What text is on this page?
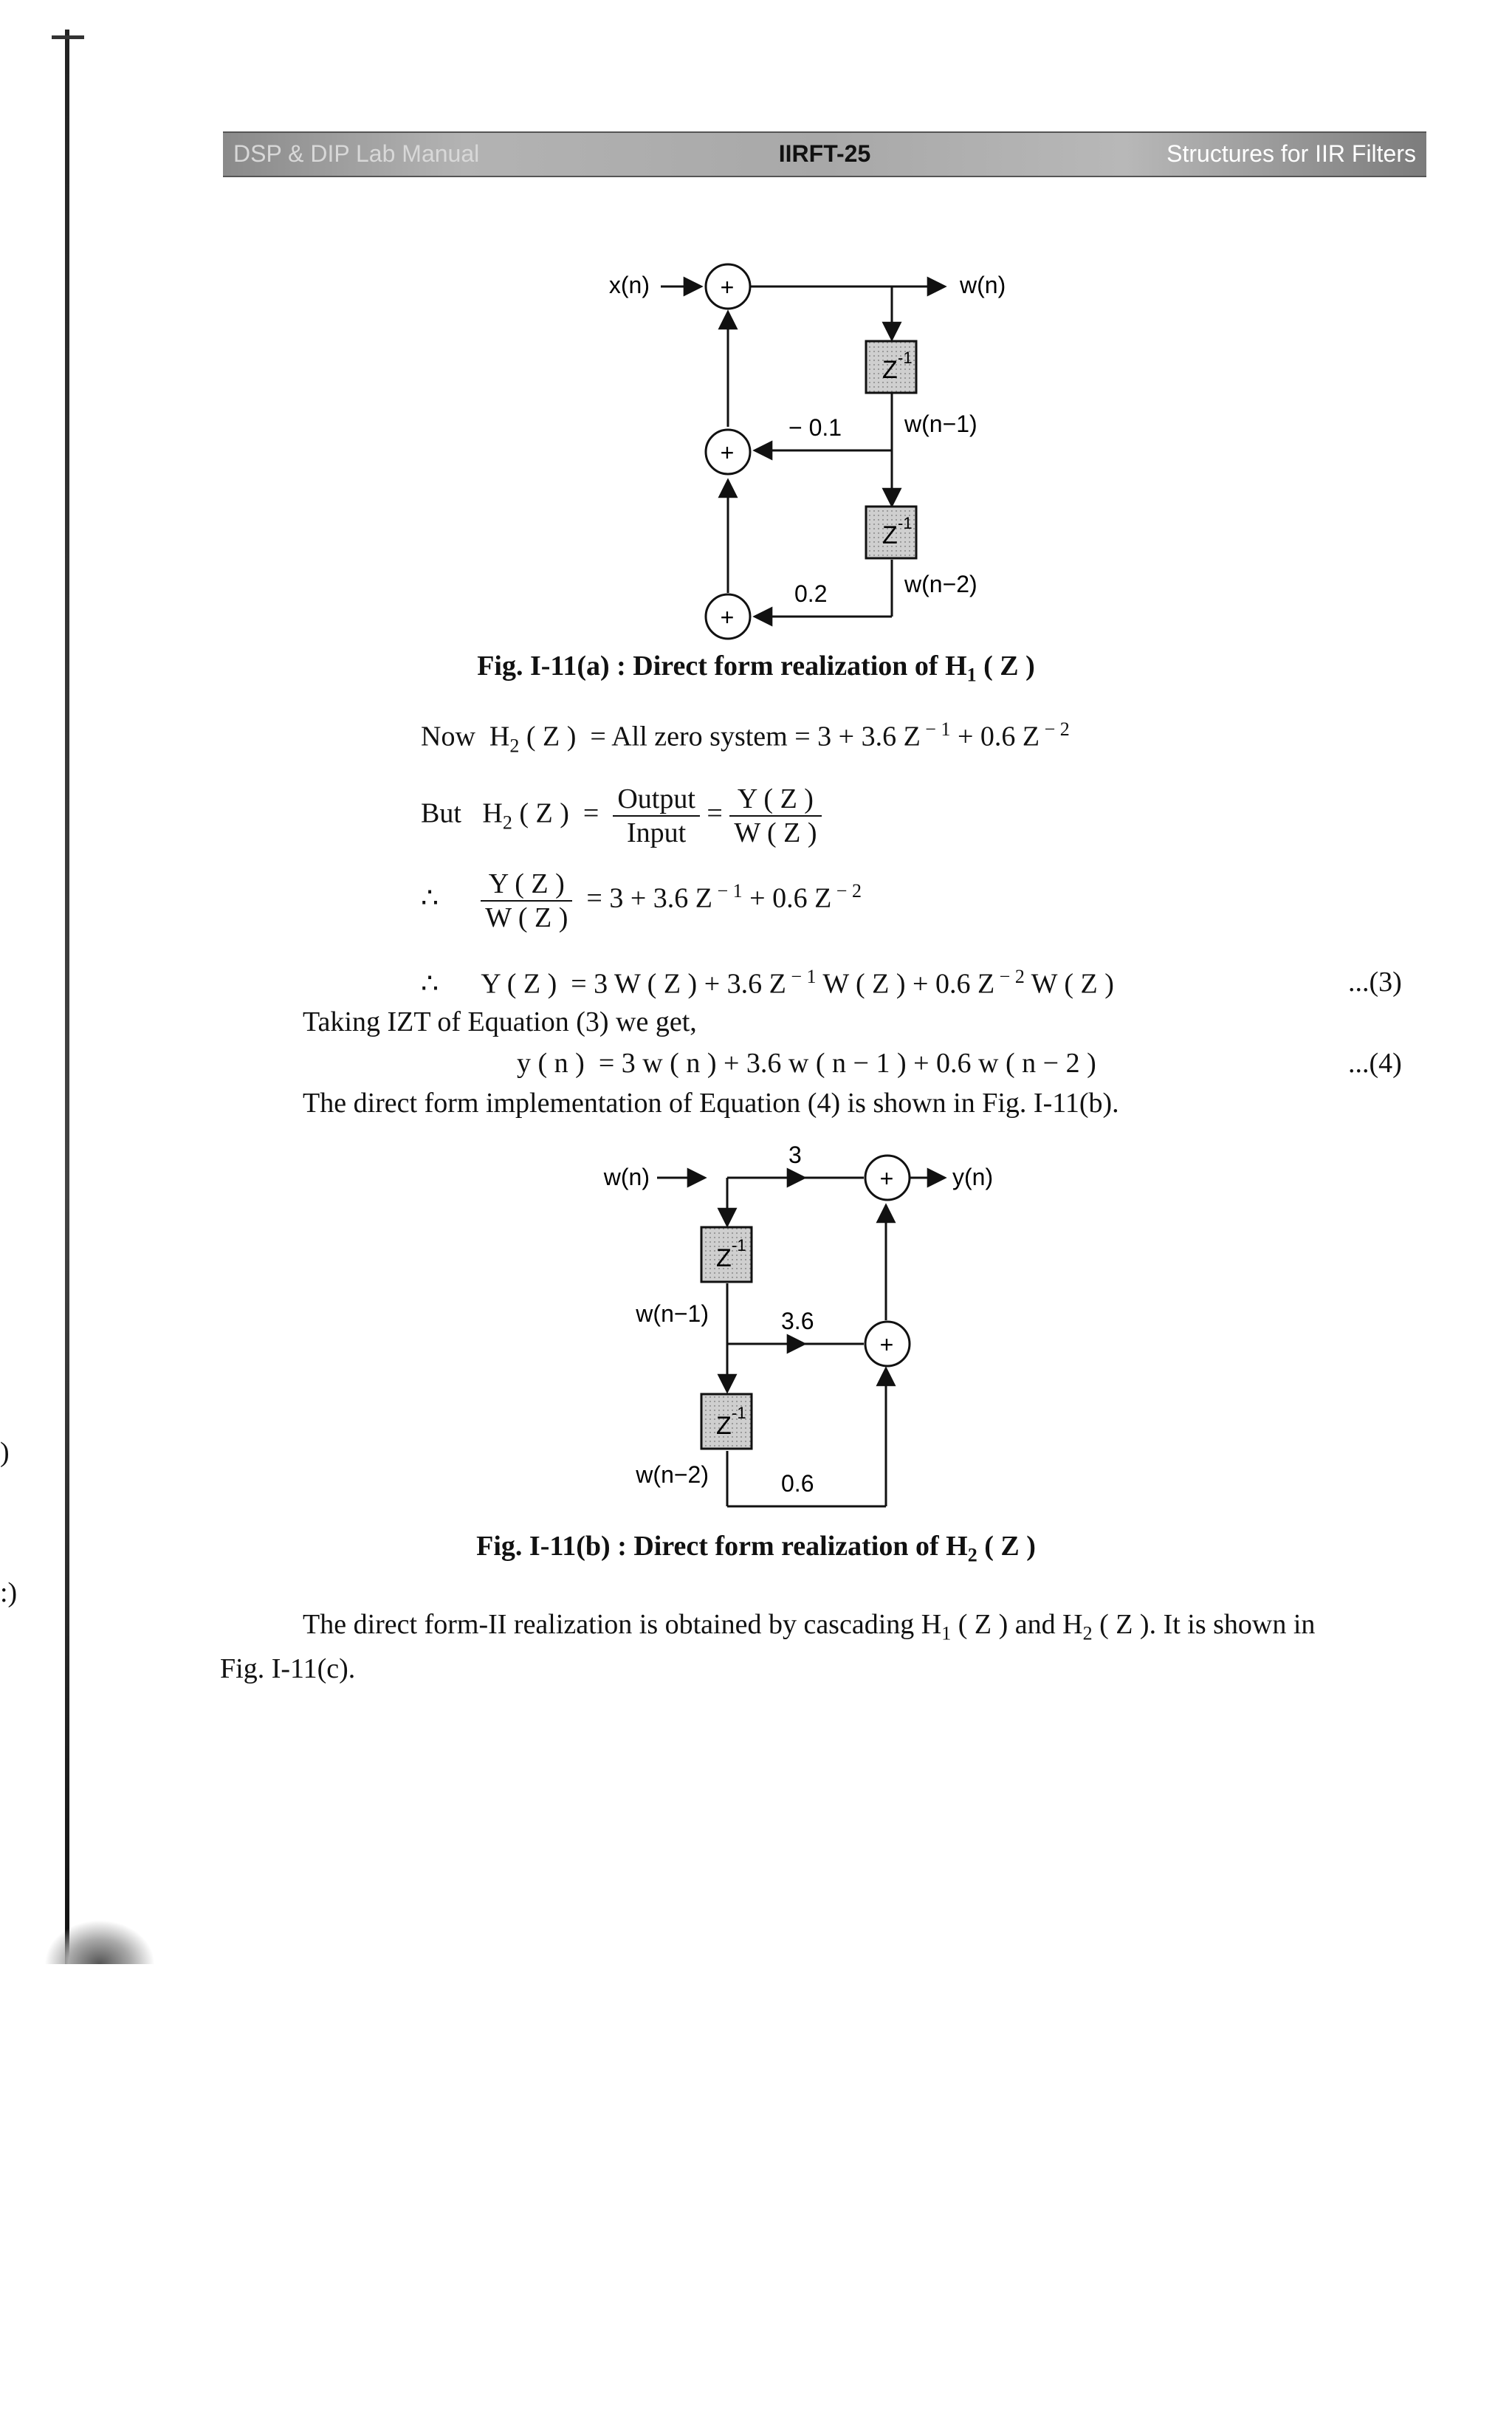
DSP & DIP Lab Manual	IIRFT-25	Structures for IIR Filters
+
+
+
Z -1
Z -1
x(n)	w(n)
w(n−1)
w(n−2)
− 0.1
0.2
Fig. I-11(a) : Direct form realization of $H_1$ ( Z )
Now $H_2$ ( Z ) = All zero system = 3 + 3.6 Z $^{- 1}$ + 0.6 Z $^{- 2}$
But $H_2$ ( Z ) = $\frac{\text{Output}}{\text{Input}} = \frac{Y ( Z )}{W ( Z )}$
∴ $\frac{Y ( Z )}{W ( Z )} = 3 + 3.6$ Z $^{- 1}$ + 0.6 Z $^{- 2}$
∴ Y ( Z ) = 3 W ( Z ) + 3.6 Z $^{- 1}$ W ( Z ) + 0.6 Z $^{- 2}$ W ( Z )	...(3)
Taking IZT of Equation (3) we get,
y ( n ) = 3 w ( n ) + 3.6 w ( n − 1 ) + 0.6 w ( n − 2 )	...(4)
The direct form implementation of Equation (4) is shown in Fig. I-11(b).
+
+
Z -1
Z -1
w(n)	y(n)
w(n−1)
w(n−2)
3
3.6
0.6
Fig. I-11(b) : Direct form realization of $H_2$ ( Z )
The direct form-II realization is obtained by cascading $H_1$ ( Z ) and $H_2$ ( Z ). It is shown in
Fig. I-11(c).
)
:)
